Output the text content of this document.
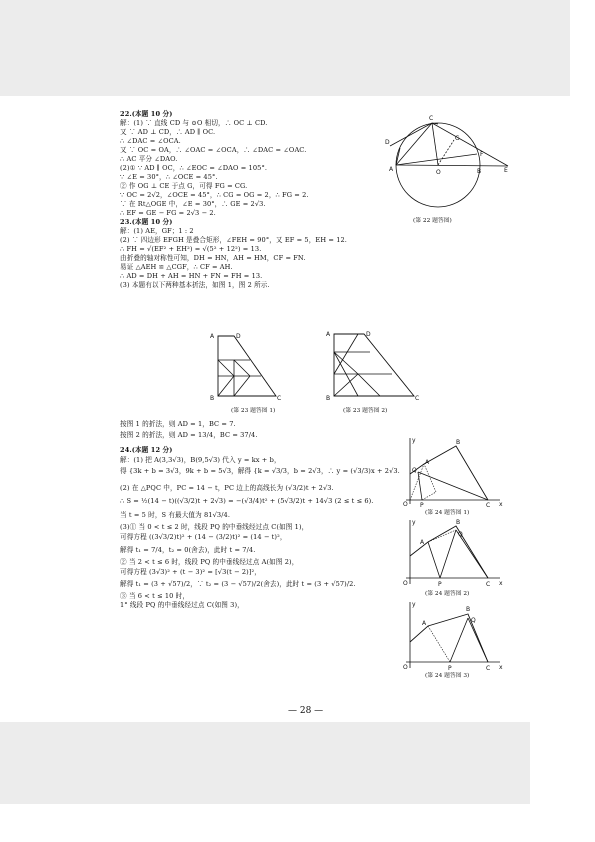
22.(本题 10 分)
解：(1) ∵ 直线 CD 与 ⊙O 相切，∴ OC ⊥ CD.
又 ∵ AD ⊥ CD，∴ AD ∥ OC.
∴ ∠DAC = ∠OCA.
又 ∵ OC = OA，∴ ∠OAC = ∠OCA，∴ ∠DAC = ∠OAC.
∴ AC 平分 ∠DAO.
(2)① ∵ AD ∥ OC，∴ ∠EOC = ∠DAO = 105°.
∵ ∠E = 30°，∴ ∠OCE = 45°.
② 作 OG ⊥ CE 于点 G，可得 FG = CG.
∵ OC = 2√2，∠OCE = 45°，∴ CG = OG = 2，∴ FG = 2.
∵ 在 Rt△OGE 中，∠E = 30°，∴ GE = 2√3.
∴ EF = GE − FG = 2√3 − 2.
23.(本题 10 分)
解：(1) AE，GF；1 : 2
(2) ∵ 四边形 EFGH 是叠合矩形，∠FEH = 90°，又 EF = 5，EH = 12.
∴ FH = √(EF² + EH²) = √(5² + 12²) = 13.
由折叠的轴对称性可知，DH = HN，AH = HM，CF = FN.
易证 △AEH ≌ △CGF，∴ CF = AH.
∴ AD = DH + AH = HN + FN = FH = 13.
(3) 本题有以下两种基本折法，如图 1，图 2 所示.
按图 1 的折法，则 AD = 1，BC = 7.
按图 2 的折法，则 AD = 13/4，BC = 37/4.
24.(本题 12 分)
解：(1) 把 A(3,3√3)，B(9,5√3) 代入 y = kx + b，
得 {3k + b = 3√3，9k + b = 5√3，解得 {k = √3/3，b = 2√3，∴ y = (√3/3)x + 2√3.
(2) 在 △PQC 中，PC = 14 − t，PC 边上的高线长为 (√3/2)t + 2√3.
∴ S = ½(14 − t)((√3/2)t + 2√3) = −(√3/4)t² + (5√3/2)t + 14√3 (2 ≤ t ≤ 6).
当 t = 5 时，S 有最大值为 81√3/4.
(3)① 当 0 < t ≤ 2 时，线段 PQ 的中垂线经过点 C(如图 1)，
可得方程 ((3√3/2)t)² + (14 − (3/2)t)² = (14 − t)²，
解得 t₁ = 7/4，t₂ = 0(舍去)，此时 t = 7/4.
② 当 2 < t ≤ 6 时，线段 PQ 的中垂线经过点 A(如图 2)，
可得方程 (3√3)² + (t − 3)² = [√3(t − 2)]²，
解得 t₁ = (3 + √57)/2，∵ t₂ = (3 − √57)/2(舍去)，此时 t = (3 + √57)/2.
③ 当 6 < t ≤ 10 时，
1° 线段 PQ 的中垂线经过点 C(如图 3)，
D
C
G
F
E
A	O	B
(第 22 题答图)
A	D
B	C
(第 23 题答图 1)
A	D
B	C
(第 23 题答图 2)
y	B
Q
A
O P	C x
(第 24 题答图 1)
y	B
A
Q
O	P	C x
(第 24 题答图 2)
y
B
A	Q
O	P	C x
(第 24 题答图 3)
— 28 —
